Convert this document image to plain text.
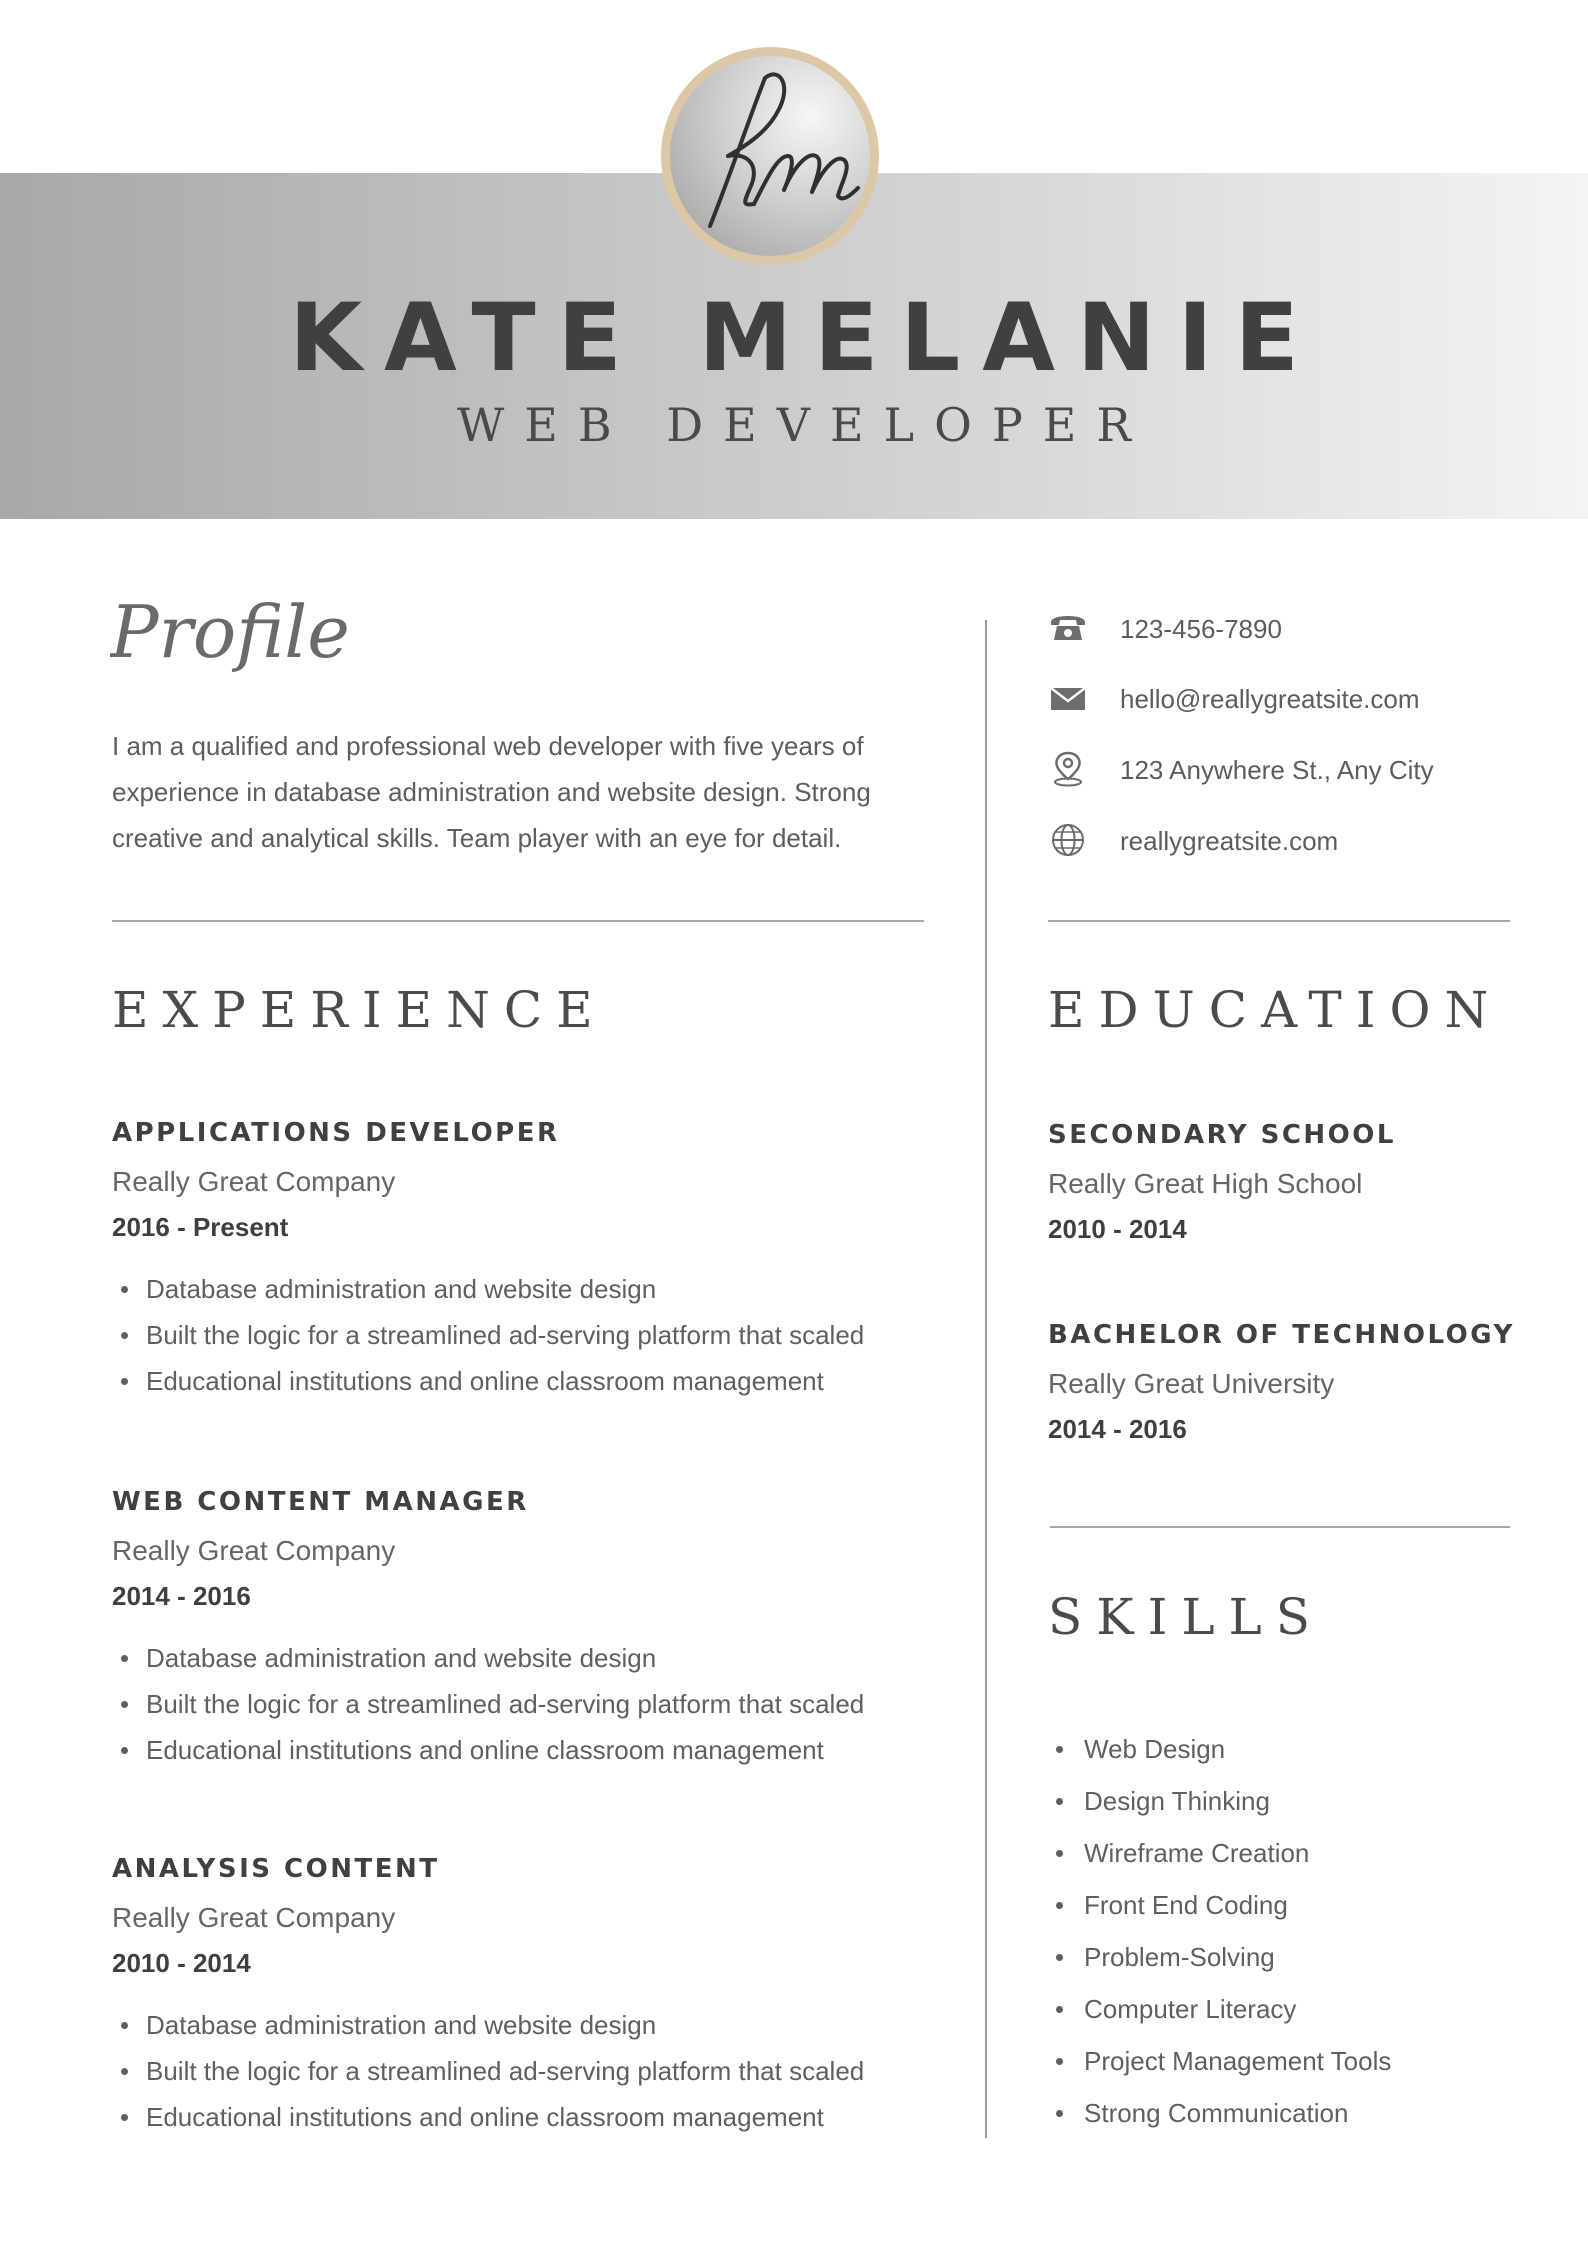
KATE MELANIE
WEB DEVELOPER
Profile
I am a qualified and professional web developer with five years of experience in database administration and website design. Strong creative and analytical skills. Team player with an eye for detail.
123-456-7890
hello@reallygreatsite.com
123 Anywhere St., Any City
reallygreatsite.com
EXPERIENCE
APPLICATIONS DEVELOPER
Really Great Company
2016 - Present
Database administration and website design
Built the logic for a streamlined ad-serving platform that scaled
Educational institutions and online classroom management
WEB CONTENT MANAGER
Really Great Company
2014 - 2016
Database administration and website design
Built the logic for a streamlined ad-serving platform that scaled
Educational institutions and online classroom management
ANALYSIS CONTENT
Really Great Company
2010 - 2014
Database administration and website design
Built the logic for a streamlined ad-serving platform that scaled
Educational institutions and online classroom management
EDUCATION
SECONDARY SCHOOL
Really Great High School
2010 - 2014
BACHELOR OF TECHNOLOGY
Really Great University
2014 - 2016
SKILLS
Web Design
Design Thinking
Wireframe Creation
Front End Coding
Problem-Solving
Computer Literacy
Project Management Tools
Strong Communication
